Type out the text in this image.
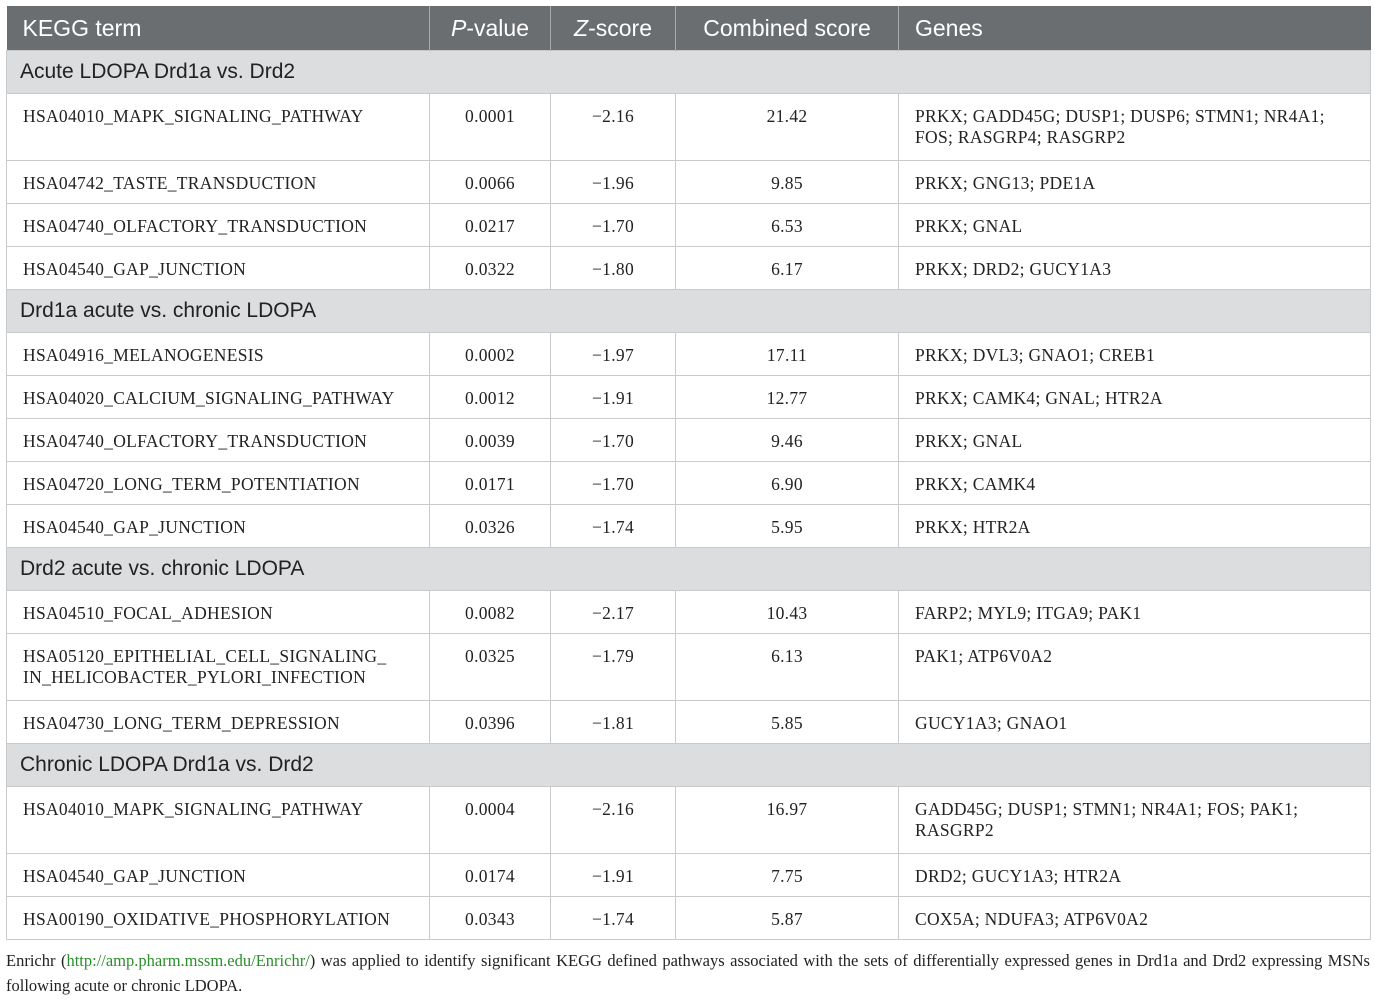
KEGG term	P-value	Z-score	Combined score	Genes
Acute LDOPA Drd1a vs. Drd2				
HSA04010_MAPK_SIGNALING_PATHWAY	0.0001	−2.16	21.42	PRKX; GADD45G; DUSP1; DUSP6; STMN1; NR4A1; FOS; RASGRP4; RASGRP2
HSA04742_TASTE_TRANSDUCTION	0.0066	−1.96	9.85	PRKX; GNG13; PDE1A
HSA04740_OLFACTORY_TRANSDUCTION	0.0217	−1.70	6.53	PRKX; GNAL
HSA04540_GAP_JUNCTION	0.0322	−1.80	6.17	PRKX; DRD2; GUCY1A3
Drd1a acute vs. chronic LDOPA				
HSA04916_MELANOGENESIS	0.0002	−1.97	17.11	PRKX; DVL3; GNAO1; CREB1
HSA04020_CALCIUM_SIGNALING_PATHWAY	0.0012	−1.91	12.77	PRKX; CAMK4; GNAL; HTR2A
HSA04740_OLFACTORY_TRANSDUCTION	0.0039	−1.70	9.46	PRKX; GNAL
HSA04720_LONG_TERM_POTENTIATION	0.0171	−1.70	6.90	PRKX; CAMK4
HSA04540_GAP_JUNCTION	0.0326	−1.74	5.95	PRKX; HTR2A
Drd2 acute vs. chronic LDOPA				
HSA04510_FOCAL_ADHESION	0.0082	−2.17	10.43	FARP2; MYL9; ITGA9; PAK1
HSA05120_EPITHELIAL_CELL_SIGNALING_ IN_HELICOBACTER_PYLORI_INFECTION	0.0325	−1.79	6.13	PAK1; ATP6V0A2
HSA04730_LONG_TERM_DEPRESSION	0.0396	−1.81	5.85	GUCY1A3; GNAO1
Chronic LDOPA Drd1a vs. Drd2				
HSA04010_MAPK_SIGNALING_PATHWAY	0.0004	−2.16	16.97	GADD45G; DUSP1; STMN1; NR4A1; FOS; PAK1; RASGRP2
HSA04540_GAP_JUNCTION	0.0174	−1.91	7.75	DRD2; GUCY1A3; HTR2A
HSA00190_OXIDATIVE_PHOSPHORYLATION	0.0343	−1.74	5.87	COX5A; NDUFA3; ATP6V0A2
Enrichr (http://amp.pharm.mssm.edu/Enrichr/) was applied to identify significant KEGG defined pathways associated with the sets of differentially expressed genes in Drd1a and Drd2 expressing MSNs following acute or chronic LDOPA.
